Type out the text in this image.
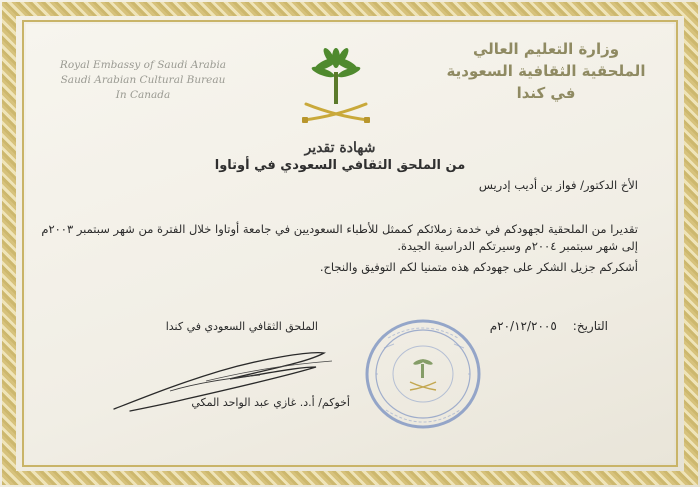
Royal Embassy of Saudi Arabia
Saudi Arabian Cultural Bureau
In Canada
وزارة التعليم العالي
الملحقية الثقافية السعودية
في كندا
شهادة تقدير
من الملحق الثقافي السعودي في أوتاوا
الأخ الدكتور/ فواز بن أديب إدريس
تقديرا من الملحقية لجهودكم في خدمة زملائكم كممثل للأطباء السعوديين في جامعة أوتاوا خلال الفترة من شهر سبتمبر ٢٠٠٣م إلى شهر سبتمبر ٢٠٠٤م وسيرتكم الدراسية الجيدة.
أشكركم جزيل الشكر على جهودكم هذه متمنيا لكم التوفيق والنجاح.
التاريخ:٢٠/١٢/٢٠٠٥م
الملحق الثقافي السعودي في كندا
أخوكم/ أ.د. غازي عبد الواحد المكي
